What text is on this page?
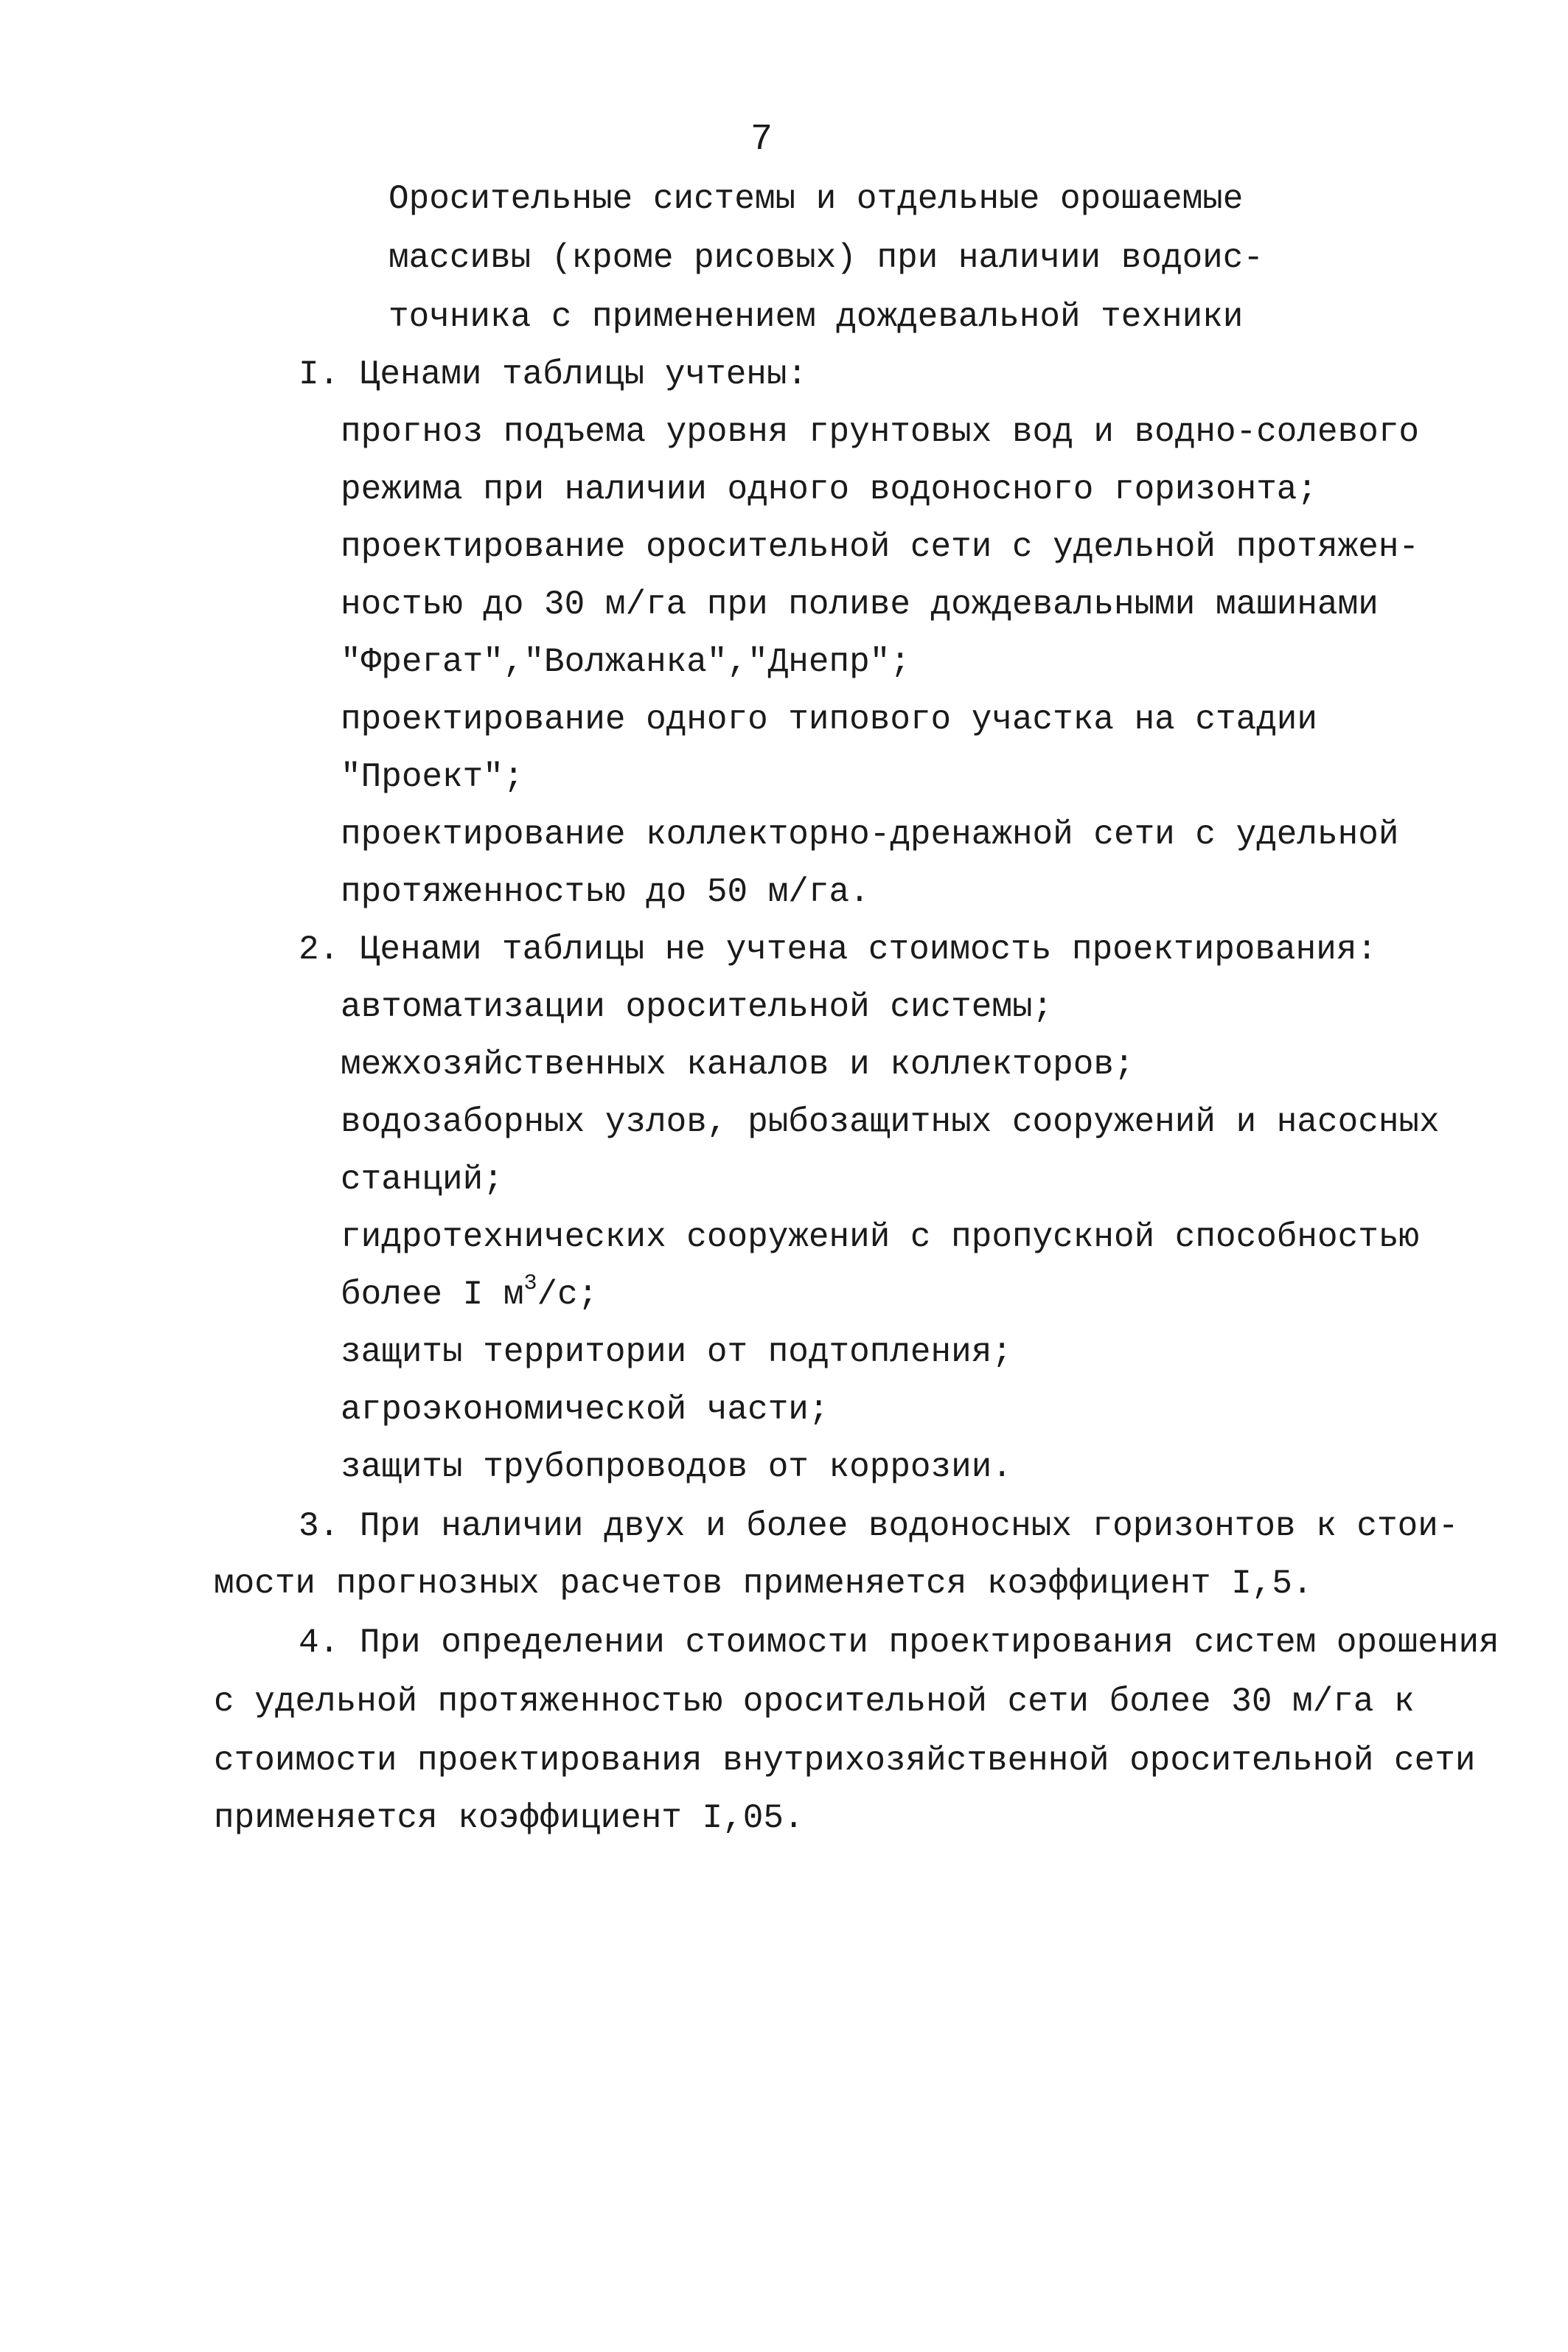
7
Оросительные системы и отдельные орошаемые
массивы (кроме рисовых) при наличии водоис-
точника с применением дождевальной техники
I. Ценами таблицы учтены:
прогноз подъема уровня грунтовых вод и водно-солевого
режима при наличии одного водоносного горизонта;
проектирование оросительной сети с удельной протяжен-
ностью до 30 м/га при поливе дождевальными машинами
"Фрегат","Волжанка","Днепр";
проектирование одного типового участка на стадии
"Проект";
проектирование коллекторно-дренажной сети с удельной
протяженностью до 50 м/га.
2. Ценами таблицы не учтена стоимость проектирования:
автоматизации оросительной системы;
межхозяйственных каналов и коллекторов;
водозаборных узлов, рыбозащитных сооружений и насосных
станций;
гидротехнических сооружений с пропускной способностью
более I $м^3/с$;
защиты территории от подтопления;
агроэкономической части;
защиты трубопроводов от коррозии.
3. При наличии двух и более водоносных горизонтов к стои-
мости прогнозных расчетов применяется коэффициент I,5.
4. При определении стоимости проектирования систем орошения
с удельной протяженностью оросительной сети более 30 м/га к
стоимости проектирования внутрихозяйственной оросительной сети
применяется коэффициент I,05.
